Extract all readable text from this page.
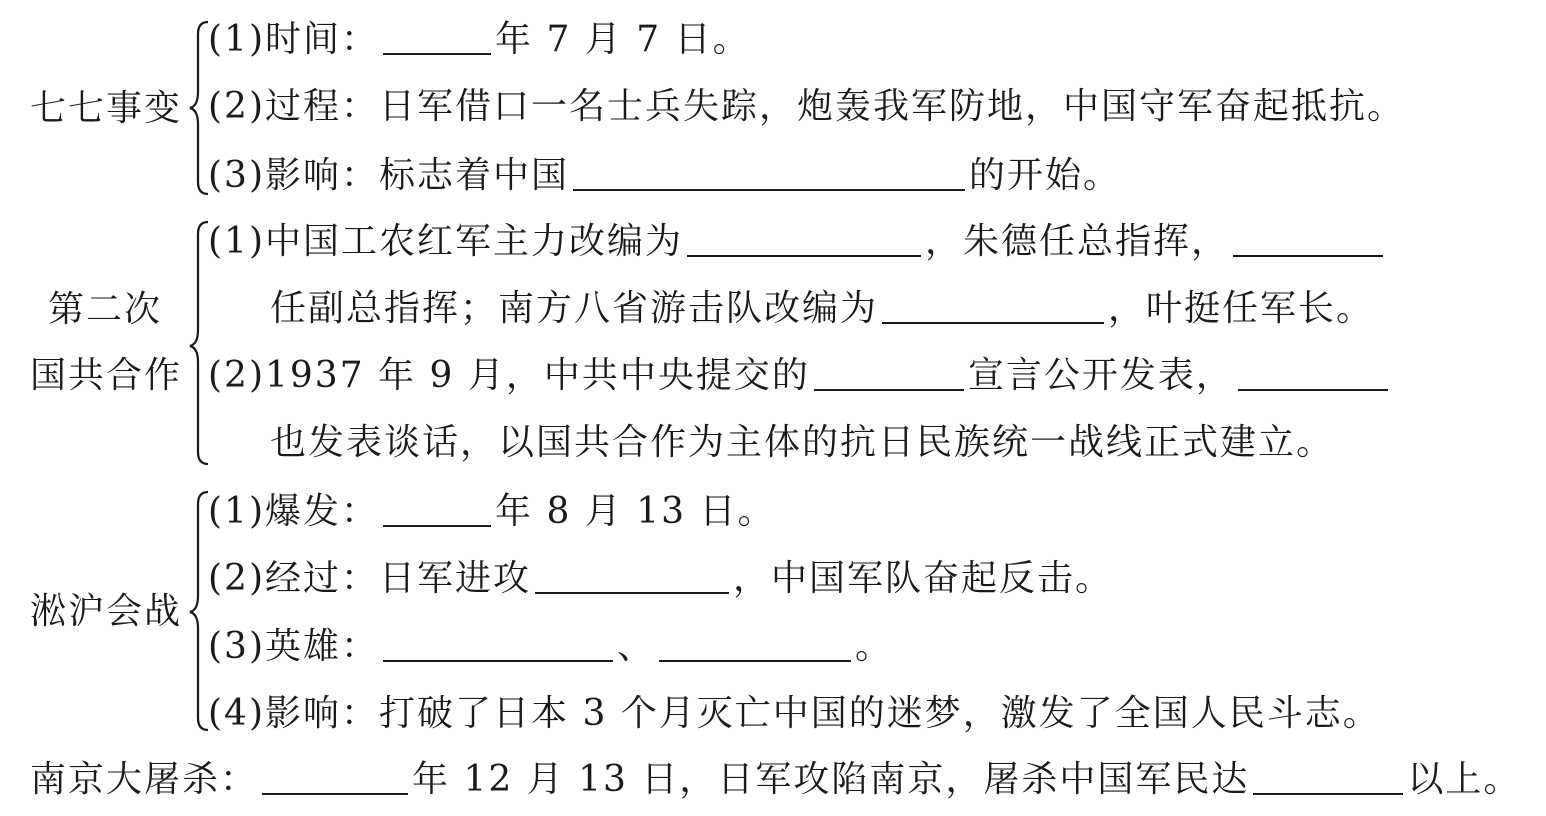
七七事变
(1)时间：	年 7 月 7 日。
(2)过程：日军借口一名士兵失踪，炮轰我军防地，中国守军奋起抵抗。
(3)影响：标志着中国	的开始。
第二次
国共合作
(1)中国工农红军主力改编为	，朱德任总指挥，
任副总指挥；南方八省游击队改编为	，叶挺任军长。
(2)1937 年 9 月，中共中央提交的	宣言公开发表，
也发表谈话，以国共合作为主体的抗日民族统一战线正式建立。
淞沪会战
(1)爆发：	年 8 月 13 日。
(2)经过：日军进攻	，中国军队奋起反击。
(3)英雄：	、	。
(4)影响：打破了日本 3 个月灭亡中国的迷梦，激发了全国人民斗志。
南京大屠杀：	年 12 月 13 日，日军攻陷南京，屠杀中国军民达	以上。
